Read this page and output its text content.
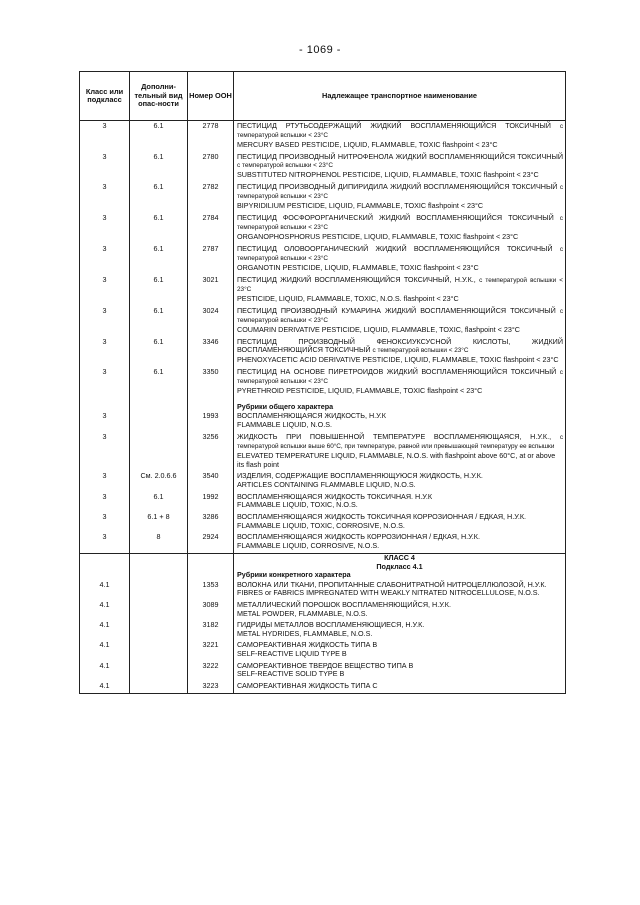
- 1069 -
Класс или подкласс	Дополни-тельный вид опас-ности	Номер ООН	Надлежащее транспортное наименование
3	6.1	2778	ПЕСТИЦИД РТУТЬСОДЕРЖАЩИЙ ЖИДКИЙ ВОСПЛАМЕНЯЮЩИЙСЯ ТОКСИЧНЫЙ с температурой вспышки < 23°C
MERCURY BASED PESTICIDE, LIQUID, FLAMMABLE, TOXIC flashpoint < 23°C

3	6.1	2780	ПЕСТИЦИД ПРОИЗВОДНЫЙ НИТРОФЕНОЛА ЖИДКИЙ ВОСПЛАМЕНЯЮЩИЙСЯ ТОКСИЧНЫЙ с температурой вспышки < 23°C
SUBSTITUTED NITROPHENOL PESTICIDE, LIQUID, FLAMMABLE, TOXIC flashpoint < 23°C

3	6.1	2782	ПЕСТИЦИД ПРОИЗВОДНЫЙ ДИПИРИДИЛА ЖИДКИЙ ВОСПЛАМЕНЯЮЩИЙСЯ ТОКСИЧНЫЙ с температурой вспышки < 23°C
BIPYRIDILIUM PESTICIDE, LIQUID, FLAMMABLE, TOXIC flashpoint < 23°C

3	6.1	2784	ПЕСТИЦИД ФОСФОРОРГАНИЧЕСКИЙ ЖИДКИЙ ВОСПЛАМЕНЯЮЩИЙСЯ ТОКСИЧНЫЙ с температурой вспышки < 23°C
ORGANOPHOSPHORUS PESTICIDE, LIQUID, FLAMMABLE, TOXIC flashpoint < 23°C

3	6.1	2787	ПЕСТИЦИД ОЛОВООРГАНИЧЕСКИЙ ЖИДКИЙ ВОСПЛАМЕНЯЮЩИЙСЯ ТОКСИЧНЫЙ с температурой вспышки < 23°C
ORGANOTIN PESTICIDE, LIQUID, FLAMMABLE, TOXIC flashpoint < 23°C

3	6.1	3021	ПЕСТИЦИД ЖИДКИЙ ВОСПЛАМЕНЯЮЩИЙСЯ ТОКСИЧНЫЙ, Н.У.К., с температурой вспышки < 23°C
PESTICIDE, LIQUID, FLAMMABLE, TOXIC, N.O.S. flashpoint < 23°C

3	6.1	3024	ПЕСТИЦИД ПРОИЗВОДНЫЙ КУМАРИНА ЖИДКИЙ ВОСПЛАМЕНЯЮЩИЙСЯ ТОКСИЧНЫЙ с температурой вспышки < 23°C
COUMARIN DERIVATIVE PESTICIDE, LIQUID, FLAMMABLE, TOXIC, flashpoint < 23°C

3	6.1	3346	ПЕСТИЦИД ПРОИЗВОДНЫЙ ФЕНОКСИУКСУСНОЙ КИСЛОТЫ, ЖИДКИЙ ВОСПЛАМЕНЯЮЩИЙСЯ ТОКСИЧНЫЙ с температурой вспышки < 23°C
PHENOXYACETIC ACID DERIVATIVE PESTICIDE, LIQUID, FLAMMABLE, TOXIC flashpoint < 23°C

3	6.1	3350	ПЕСТИЦИД НА ОСНОВЕ ПИРЕТРОИДОВ ЖИДКИЙ ВОСПЛАМЕНЯЮЩИЙСЯ ТОКСИЧНЫЙ с температурой вспышки < 23°C
PYRETHROID PESTICIDE, LIQUID, FLAMMABLE, TOXIC flashpoint < 23°C

			Рубрики общего характера
3		1993	ВОСПЛАМЕНЯЮЩАЯСЯ ЖИДКОСТЬ, Н.У.К
FLAMMABLE LIQUID, N.O.S.

3		3256	ЖИДКОСТЬ ПРИ ПОВЫШЕННОЙ ТЕМПЕРАТУРЕ ВОСПЛАМЕНЯЮЩАЯСЯ, Н.У.К., с температурой вспышки выше 60°C, при температуре, равной или превышающей температуру ее вспышки
ELEVATED TEMPERATURE LIQUID, FLAMMABLE, N.O.S. with flashpoint above 60°C, at or above its flash point

3	См. 2.0.6.6	3540	ИЗДЕЛИЯ, СОДЕРЖАЩИЕ ВОСПЛАМЕНЯЮЩУЮСЯ ЖИДКОСТЬ, Н.У.К.
ARTICLES CONTAINING FLAMMABLE LIQUID, N.O.S.

3	6.1	1992	ВОСПЛАМЕНЯЮЩАЯСЯ ЖИДКОСТЬ ТОКСИЧНАЯ. Н.У.К
FLAMMABLE LIQUID, TOXIC, N.O.S.

3	6.1 + 8	3286	ВОСПЛАМЕНЯЮЩАЯСЯ ЖИДКОСТЬ ТОКСИЧНАЯ КОРРОЗИОННАЯ / ЕДКАЯ, Н.У.К.
FLAMMABLE LIQUID, TOXIC, CORROSIVE, N.O.S.

3	8	2924	ВОСПЛАМЕНЯЮЩАЯСЯ ЖИДКОСТЬ КОРРОЗИОННАЯ / ЕДКАЯ, Н.У.К.
FLAMMABLE LIQUID, CORROSIVE, N.O.S.

			КЛАСС 4
			Подкласс 4.1
			Рубрики конкретного характера
4.1		1353	ВОЛОКНА ИЛИ ТКАНИ, ПРОПИТАННЫЕ СЛАБОНИТРАТНОЙ НИТРОЦЕЛЛЮЛОЗОЙ, Н.У.К.
FIBRES or FABRICS IMPREGNATED WITH WEAKLY NITRATED NITROCELLULOSE, N.O.S.

4.1		3089	МЕТАЛЛИЧЕСКИЙ ПОРОШОК ВОСПЛАМЕНЯЮЩИЙСЯ, Н.У.К.
METAL POWDER, FLAMMABLE, N.O.S.

4.1		3182	ГИДРИДЫ МЕТАЛЛОВ ВОСПЛАМЕНЯЮЩИЕСЯ, Н.У.К.
METAL HYDRIDES, FLAMMABLE, N.O.S.

4.1		3221	САМОРЕАКТИВНАЯ ЖИДКОСТЬ ТИПА B
SELF-REACTIVE LIQUID TYPE B

4.1		3222	САМОРЕАКТИВНОЕ ТВЕРДОЕ ВЕЩЕСТВО ТИПА B
SELF-REACTIVE SOLID TYPE B

4.1		3223	САМОРЕАКТИВНАЯ ЖИДКОСТЬ ТИПА C
